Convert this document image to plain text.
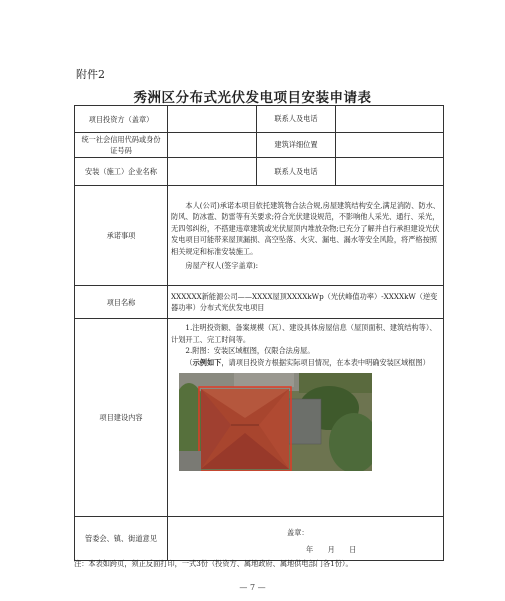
附件2
秀洲区分布式光伏发电项目安装申请表
项目投资方（盖章）		联系人及电话	
统一社会信用代码或身份证号码		建筑详细位置	
安装（施工）企业名称		联系人及电话	
承诺事项	本人(公司)承诺本项目依托建筑物合法合规,房屋建筑结构安全,满足消防、防水、防风、防冰雹、防雷等有关要求;符合光伏建设规范，不影响他人采光、通行、采光，无四邻纠纷，不搭建违章建筑或光伏屋顶内堆放杂物;已充分了解并自行承担建设光伏发电项目可能带来屋顶漏损、高空坠落、火灾、漏电、漏水等安全风险，将严格按照相关规定和标准安装施工。

房屋产权人(签字盖章):		

项目名称	XXXXXX新能源公司——XXXX屋顶XXXXkWp（光伏峰值功率）-XXXXkW（逆变器功率）分布式光伏发电项目		
项目建设内容	1.注明投资额、备案规模（瓦）、建设具体房屋信息（屋顶面积、建筑结构等）、计划开工、完工时间等。

2.附图：安装区域框图，仅限合法房屋。

（示例如下，请项目投资方根据实际项目情况，在本表中明确安装区域框图）		

管委会、镇、街道意见	盖章：
年　　月　　日		
注：本表如跨页，须正反面打印，一式3份（投资方、属地政府、属地供电部门各1份）。
— 7 —
